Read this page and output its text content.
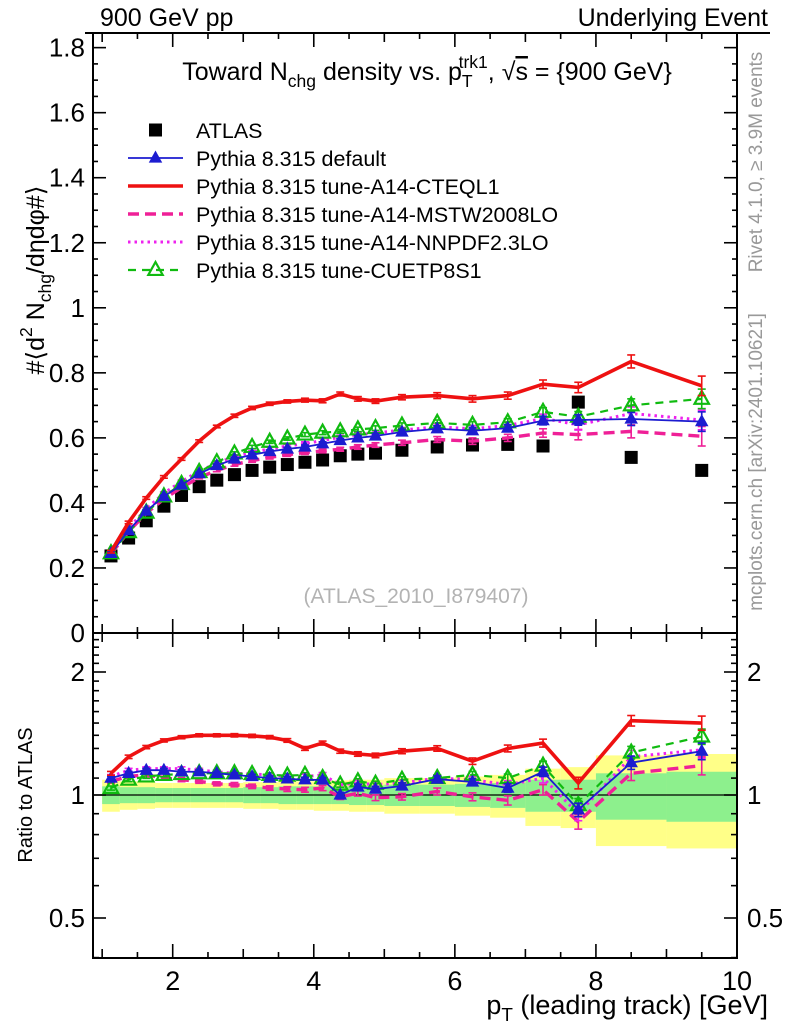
2	4	6	8	10
0
0.2
0.4
0.6
0.8
1
1.2
1.4
1.6
1.8
0.5	0.5
1	1
2	2
ATLAS
Pythia 8.315 default
Pythia 8.315 tune-A14-CTEQL1
Pythia 8.315 tune-A14-MSTW2008LO
Pythia 8.315 tune-A14-NNPDF2.3LO
Pythia 8.315 tune-CUETP8S1
Toward $N_{chg}$ density vs. $p_Ttrk1$, √s = {900 GeV}
$p_T$ (leading track) [GeV]
$\#⟨d^2$ $N_{chg}/d\eta d\varphi\#⟩$
900 GeV pp	Underlying Event
(ATLAS_2010_I879407)
Rivet 4.1.0, ≥ 3.9M events
mcplots.cern.ch [arXiv:2401.10621]
Ratio to ATLAS
